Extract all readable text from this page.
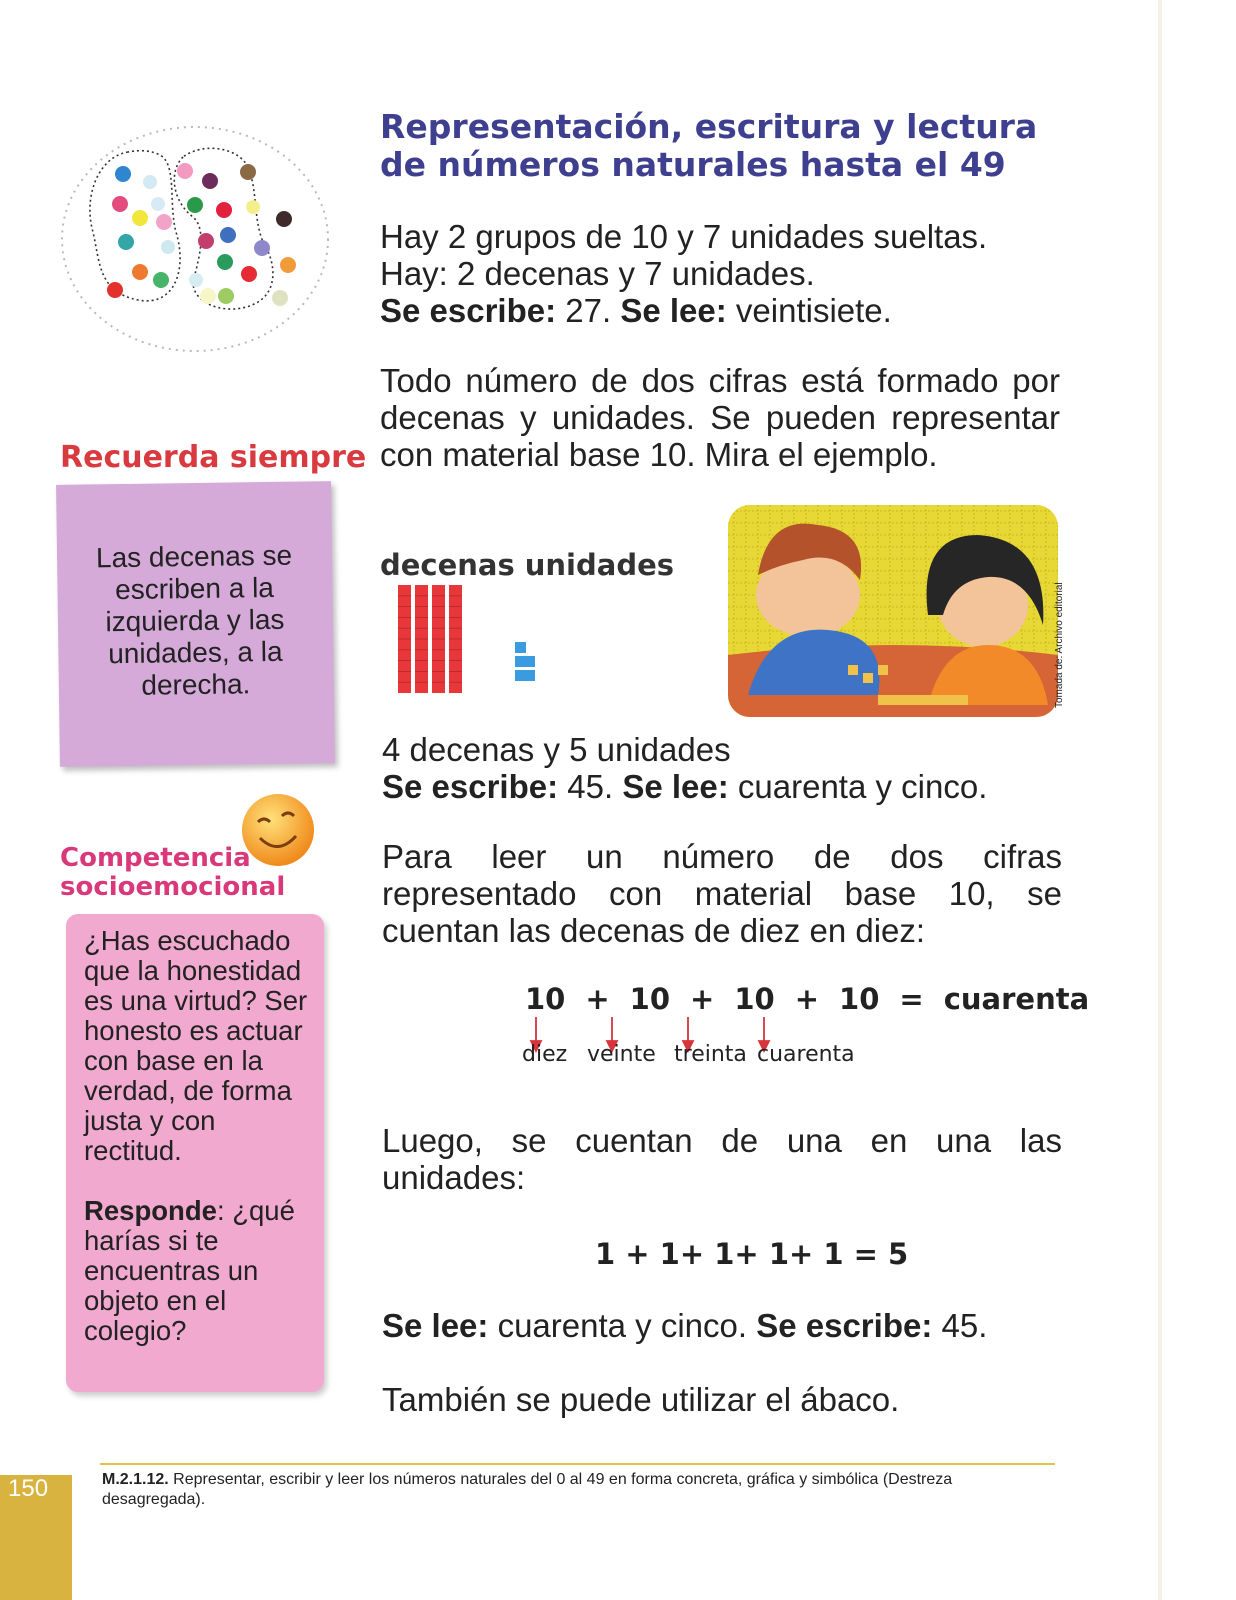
Representación, escritura y lectura de números naturales hasta el 49
Hay 2 grupos de 10 y 7 unidades sueltas.
Hay: 2 decenas y 7 unidades.
Se escribe: 27. Se lee: veintisiete.
Todo número de dos cifras está formado por decenas y unidades. Se pueden representar con material base 10. Mira el ejemplo.
decenas unidades
Tomada de: Archivo editorial
4 decenas y 5 unidades
Se escribe: 45. Se lee: cuarenta y cinco.
Para leer un número de dos cifras representado con material base 10, se cuentan las decenas de diez en diez:
10 + 10 + 10 + 10 = cuarenta
diez veinte treinta cuarenta
Luego, se cuentan de una en una las unidades:
1 + 1+ 1+ 1+ 1 = 5
Se lee: cuarenta y cinco. Se escribe: 45.
También se puede utilizar el ábaco.
Recuerda siempre
Las decenas se escriben a la izquierda y las unidades, a la derecha.
Competencia
socioemocional
¿Has escuchado que la honestidad es una virtud? Ser honesto es actuar con base en la verdad, de forma justa y con rectitud.
Responde: ¿qué harías si te encuentras un objeto en el colegio?
M.2.1.12. Representar, escribir y leer los números naturales del 0 al 49 en forma concreta, gráfica y simbólica (Destreza desagregada).
150
